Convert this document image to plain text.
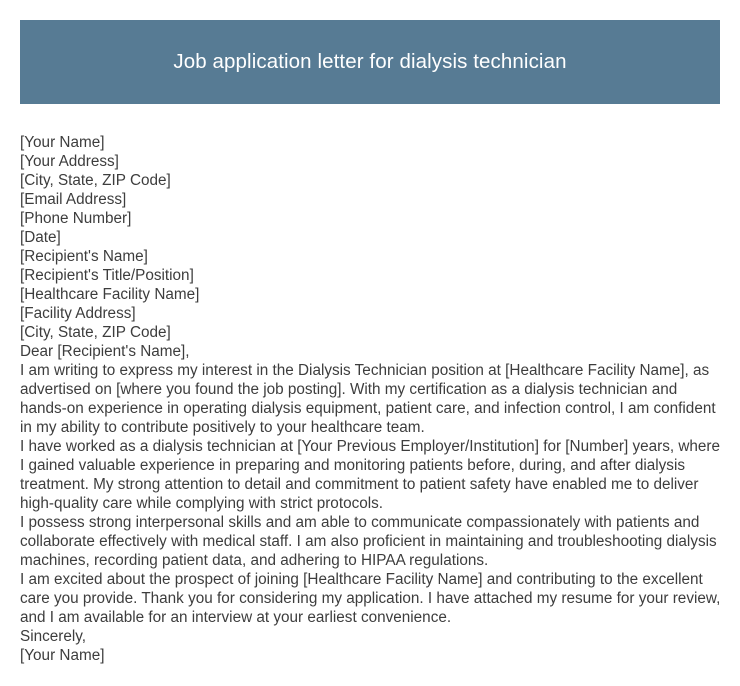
Job application letter for dialysis technician
[Your Name]
[Your Address]
[City, State, ZIP Code]
[Email Address]
[Phone Number]
[Date]
[Recipient's Name]
[Recipient's Title/Position]
[Healthcare Facility Name]
[Facility Address]
[City, State, ZIP Code]
Dear [Recipient's Name],

I am writing to express my interest in the Dialysis Technician position at [Healthcare Facility Name], as advertised on [where you found the job posting]. With my certification as a dialysis technician and hands-on experience in operating dialysis equipment, patient care, and infection control, I am confident in my ability to contribute positively to your healthcare team.

I have worked as a dialysis technician at [Your Previous Employer/Institution] for [Number] years, where I gained valuable experience in preparing and monitoring patients before, during, and after dialysis treatment. My strong attention to detail and commitment to patient safety have enabled me to deliver high-quality care while complying with strict protocols.

I possess strong interpersonal skills and am able to communicate compassionately with patients and collaborate effectively with medical staff. I am also proficient in maintaining and troubleshooting dialysis machines, recording patient data, and adhering to HIPAA regulations.

I am excited about the prospect of joining [Healthcare Facility Name] and contributing to the excellent care you provide. Thank you for considering my application. I have attached my resume for your review, and I am available for an interview at your earliest convenience.

Sincerely,
[Your Name]
